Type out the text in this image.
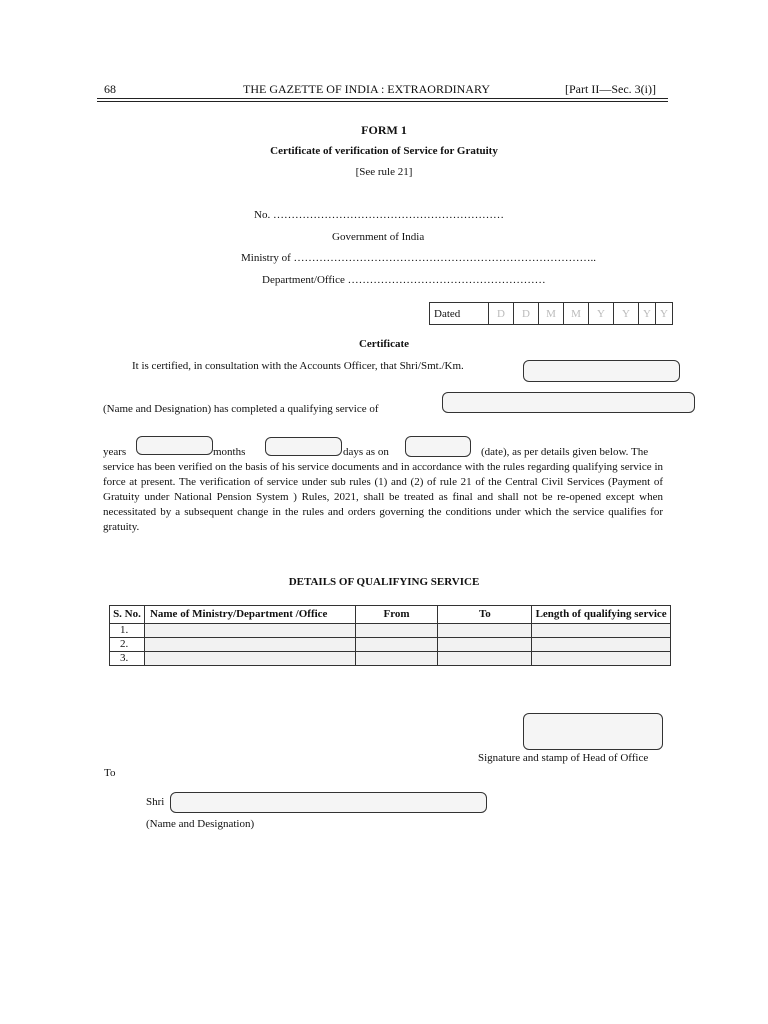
68	THE GAZETTE OF INDIA : EXTRAORDINARY	[Part II—Sec. 3(i)]
FORM 1
Certificate of verification of Service for Gratuity
[See rule 21]
No. ………………………………………………………
Government of India
Ministry of ………………………………………………………………………..
Department/Office ………………………………………………
Dated	D	D	M	M	Y	Y	Y	Y
Certificate
It is certified, in consultation with the Accounts Officer, that Shri/Smt./Km.
(Name and Designation) has completed a qualifying service of
years	months	days as on	(date), as per details given below. The
service has been verified on the basis of his service documents and in accordance with the rules regarding qualifying service in force at present. The verification of service under sub rules (1) and (2) of rule 21 of the Central Civil Services (Payment of Gratuity under National Pension System ) Rules, 2021, shall be treated as final and shall not be re-opened except when necessitated by a subsequent change in the rules and orders governing the conditions under which the service qualifies for gratuity.
DETAILS OF QUALIFYING SERVICE
S. No.	Name of Ministry/Department /Office	From	To	Length of qualifying service
1.				
2.				
3.				
Signature and stamp of Head of Office
To
Shri
(Name and Designation)
